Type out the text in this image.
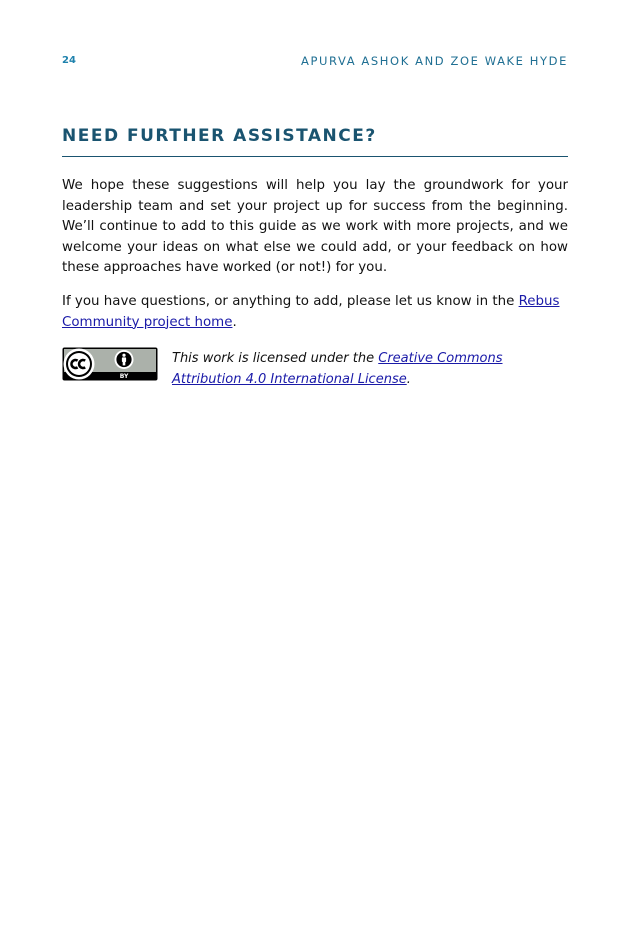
24	APURVA ASHOK AND ZOE WAKE HYDE
NEED FURTHER ASSISTANCE?

We hope these suggestions will help you lay the groundwork for your leadership team and set your project up for success from the beginning. We’ll continue to add to this guide as we work with more projects, and we welcome your ideas on what else we could add, or your feedback on how these approaches have worked (or not!) for you.

If you have questions, or anything to add, please let us know in the Rebus Community project home.

BY

This work is licensed under the Creative Commons Attribution 4.0 International License.
